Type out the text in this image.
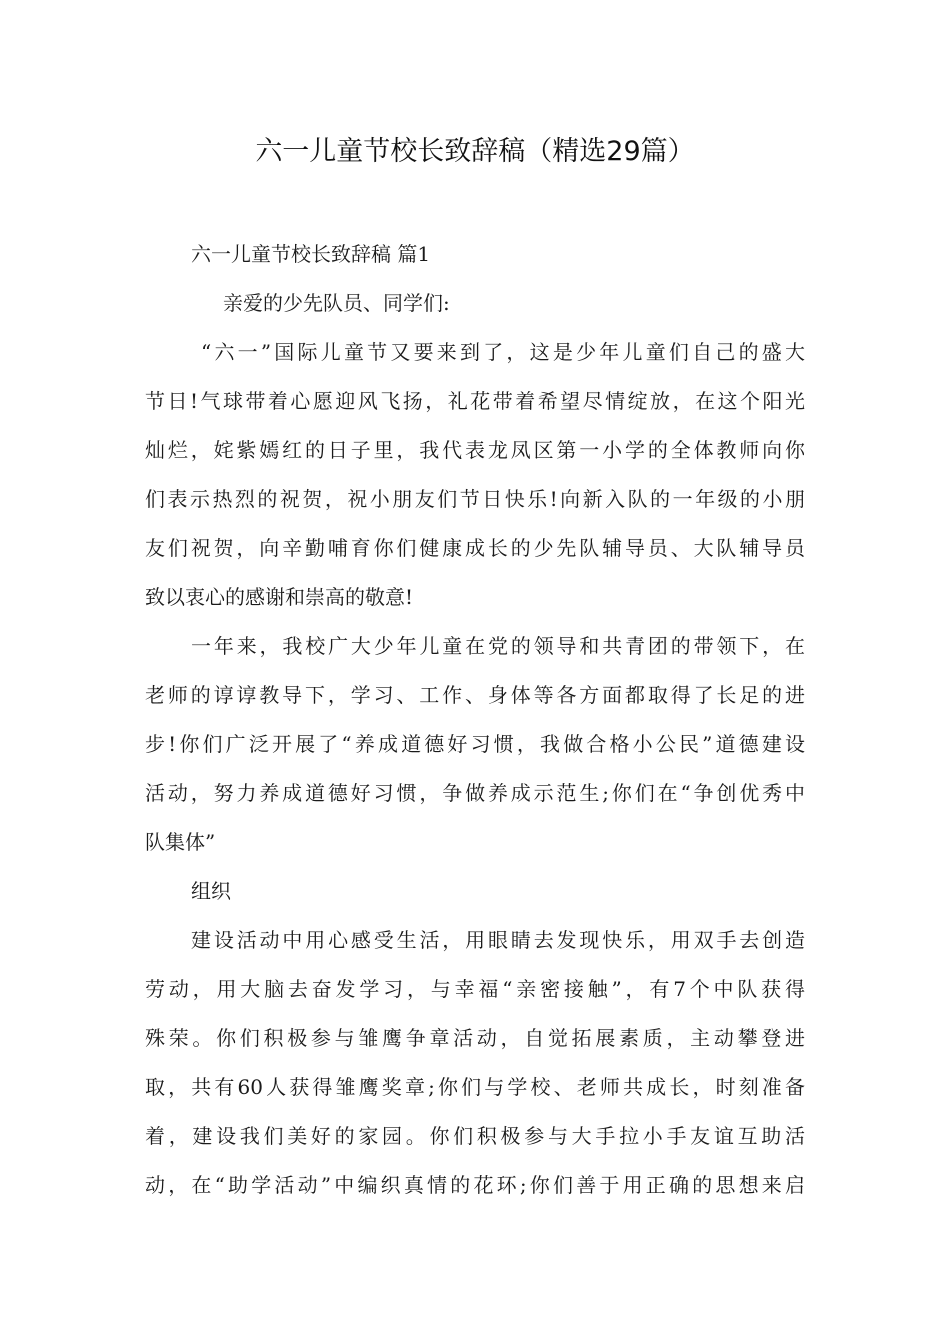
六一儿童节校长致辞稿（精选29篇）
六一儿童节校长致辞稿 篇1
亲爱的少先队员、同学们:
“六一”国际儿童节又要来到了，这是少年儿童们自己的盛大
节日!气球带着心愿迎风飞扬，礼花带着希望尽情绽放，在这个阳光
灿烂，姹紫嫣红的日子里，我代表龙凤区第一小学的全体教师向你
们表示热烈的祝贺，祝小朋友们节日快乐!向新入队的一年级的小朋
友们祝贺，向辛勤哺育你们健康成长的少先队辅导员、大队辅导员
致以衷心的感谢和崇高的敬意!
一年来，我校广大少年儿童在党的领导和共青团的带领下，在
老师的谆谆教导下，学习、工作、身体等各方面都取得了长足的进
步!你们广泛开展了“养成道德好习惯，我做合格小公民”道德建设
活动，努力养成道德好习惯，争做养成示范生;你们在“争创优秀中
队集体”
组织
建设活动中用心感受生活，用眼睛去发现快乐，用双手去创造
劳动，用大脑去奋发学习，与幸福“亲密接触”，有7个中队获得
殊荣。你们积极参与雏鹰争章活动，自觉拓展素质，主动攀登进
取，共有60人获得雏鹰奖章;你们与学校、老师共成长，时刻准备
着，建设我们美好的家园。你们积极参与大手拉小手友谊互助活
动，在“助学活动”中编织真情的花环;你们善于用正确的思想来启
